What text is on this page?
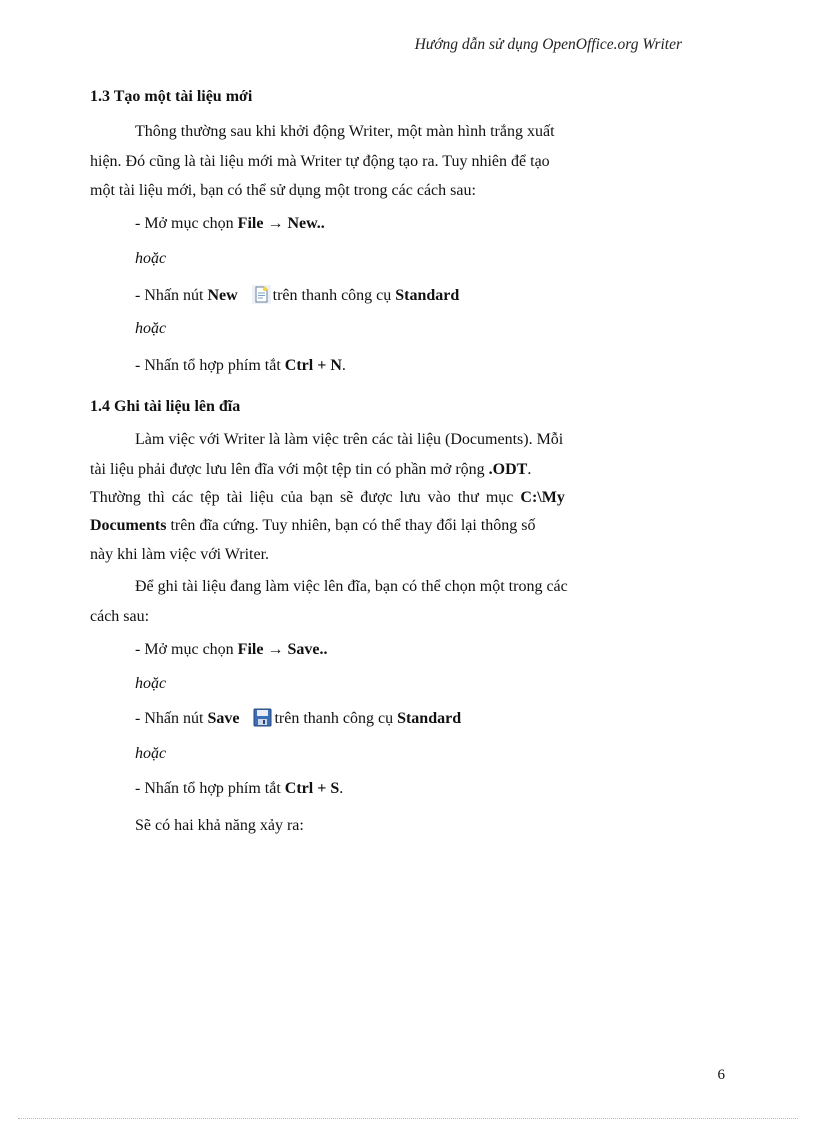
Hướng dẫn sử dụng OpenOffice.org Writer
1.3 Tạo một tài liệu mới
Thông thường sau khi khởi động Writer, một màn hình trắng xuất
hiện. Đó cũng là tài liệu mới mà Writer tự động tạo ra. Tuy nhiên để tạo
một tài liệu mới, bạn có thể sử dụng một trong các cách sau:
- Mở mục chọn File → New..
hoặc
- Nhấn nút New trên thanh công cụ Standard
hoặc
- Nhấn tổ hợp phím tắt Ctrl + N.
1.4 Ghi tài liệu lên đĩa
Làm việc với Writer là làm việc trên các tài liệu (Documents). Mỗi
tài liệu phải được lưu lên đĩa với một tệp tin có phần mở rộng .ODT.
Thường thì các tệp tài liệu của bạn sẽ được lưu vào thư mục C:\My
Documents trên đĩa cứng. Tuy nhiên, bạn có thể thay đổi lại thông số
này khi làm việc với Writer.
Để ghi tài liệu đang làm việc lên đĩa, bạn có thể chọn một trong các
cách sau:
- Mở mục chọn File → Save..
hoặc
- Nhấn nút Save trên thanh công cụ Standard
hoặc
- Nhấn tổ hợp phím tắt Ctrl + S.
Sẽ có hai khả năng xảy ra:
6
